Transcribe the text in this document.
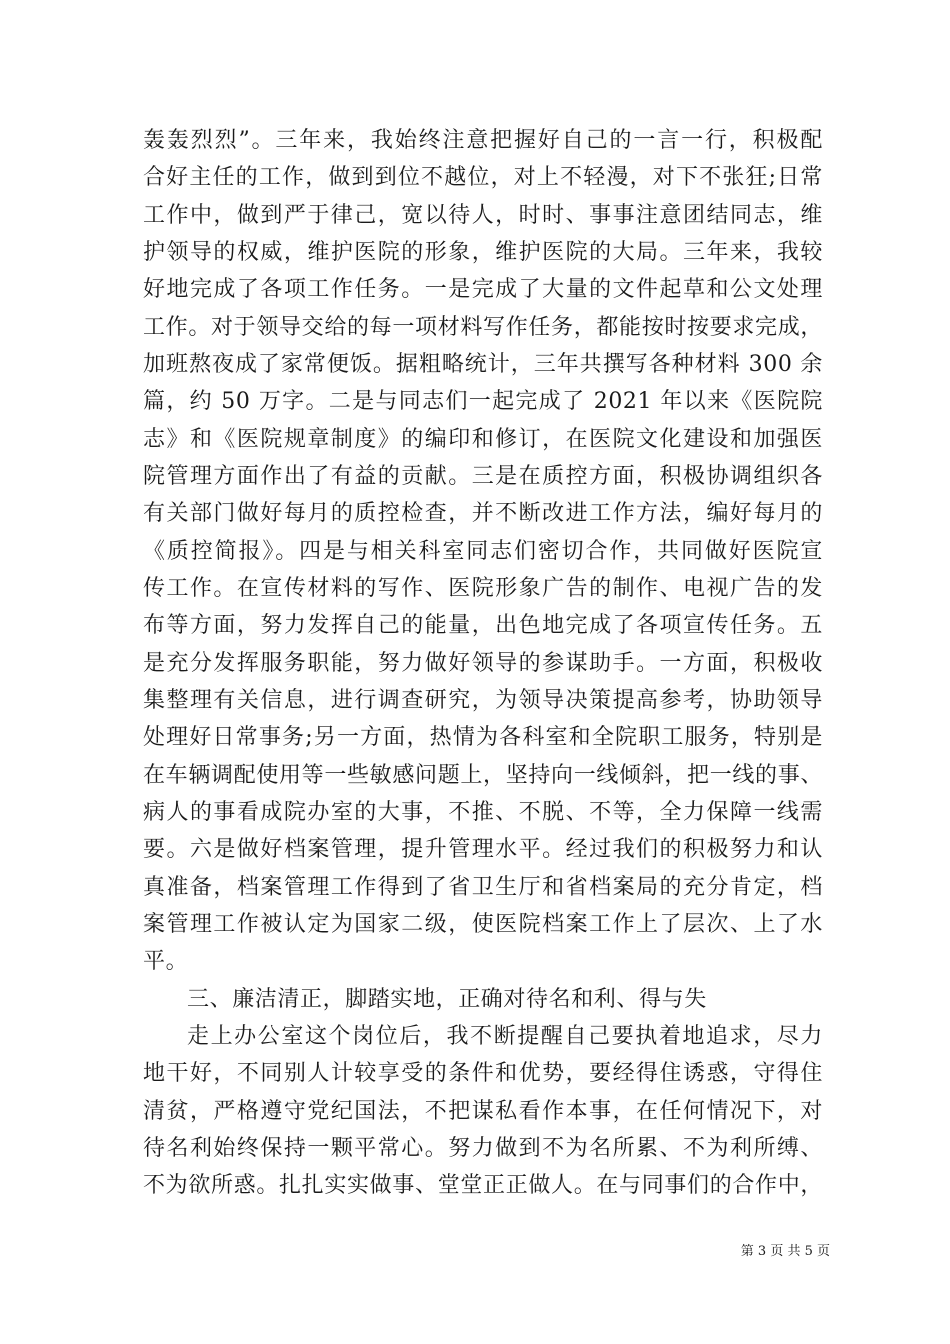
轰轰烈烈”。三年来，我始终注意把握好自己的一言一行，积极配
合好主任的工作，做到到位不越位，对上不轻漫，对下不张狂;日常
工作中，做到严于律己，宽以待人，时时、事事注意团结同志，维
护领导的权威，维护医院的形象，维护医院的大局。三年来，我较
好地完成了各项工作任务。一是完成了大量的文件起草和公文处理
工作。对于领导交给的每一项材料写作任务，都能按时按要求完成，
加班熬夜成了家常便饭。据粗略统计，三年共撰写各种材料 300 余
篇，约 50 万字。二是与同志们一起完成了 2021 年以来《医院院
志》和《医院规章制度》的编印和修订，在医院文化建设和加强医
院管理方面作出了有益的贡献。三是在质控方面，积极协调组织各
有关部门做好每月的质控检查，并不断改进工作方法，编好每月的
《质控简报》。四是与相关科室同志们密切合作，共同做好医院宣
传工作。在宣传材料的写作、医院形象广告的制作、电视广告的发
布等方面，努力发挥自己的能量，出色地完成了各项宣传任务。五
是充分发挥服务职能，努力做好领导的参谋助手。一方面，积极收
集整理有关信息，进行调查研究，为领导决策提高参考，协助领导
处理好日常事务;另一方面，热情为各科室和全院职工服务，特别是
在车辆调配使用等一些敏感问题上，坚持向一线倾斜，把一线的事、
病人的事看成院办室的大事，不推、不脱、不等，全力保障一线需
要。六是做好档案管理，提升管理水平。经过我们的积极努力和认
真准备，档案管理工作得到了省卫生厅和省档案局的充分肯定，档
案管理工作被认定为国家二级，使医院档案工作上了层次、上了水
平。
三、廉洁清正，脚踏实地，正确对待名和利、得与失
走上办公室这个岗位后，我不断提醒自己要执着地追求，尽力
地干好，不同别人计较享受的条件和优势，要经得住诱惑，守得住
清贫，严格遵守党纪国法，不把谋私看作本事，在任何情况下，对
待名利始终保持一颗平常心。努力做到不为名所累、不为利所缚、
不为欲所惑。扎扎实实做事、堂堂正正做人。在与同事们的合作中，
第 3 页 共 5 页
